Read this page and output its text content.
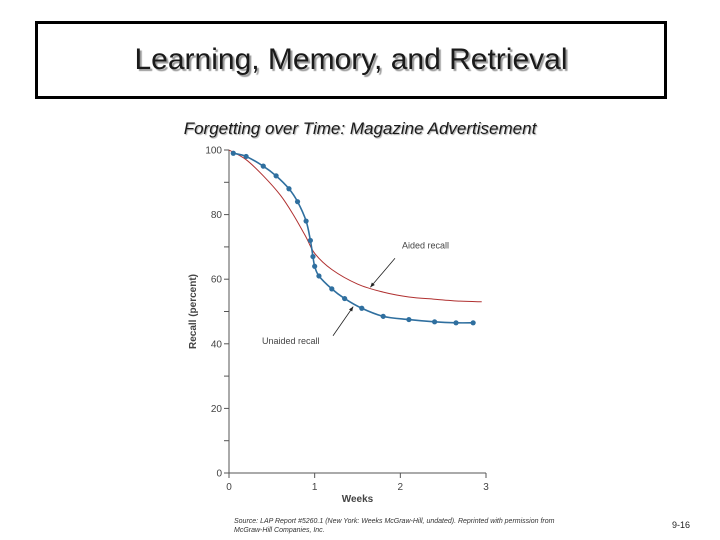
Learning, Memory, and Retrieval
Forgetting over Time: Magazine Advertisement
0
20
40
60
80
100
0	1	2	3
Weeks
Recall (percent)
Aided recall
Unaided recall
Source: LAP Report #5260.1 (New York: Weeks McGraw-Hill, undated). Reprinted with permission from McGraw-Hill Companies, Inc.
9-16
